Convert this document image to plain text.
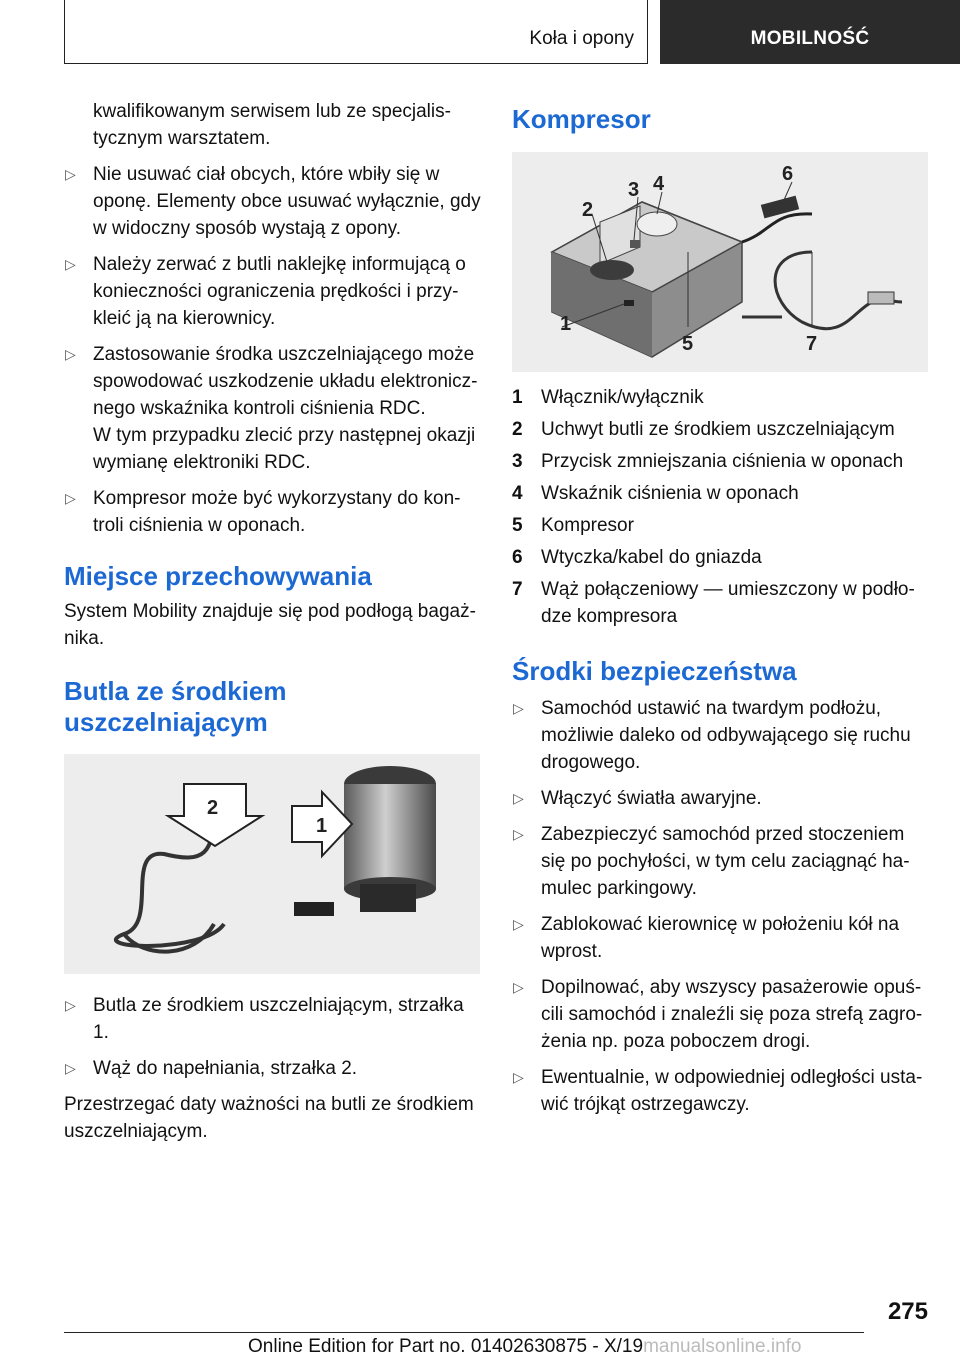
Koła i opony	MOBILNOŚĆ

kwalifikowanym serwisem lub ze specjalistycznym warsztatem.

▷ Nie usuwać ciał obcych, które wbiły się w oponę. Elementy obce usuwać wyłącznie, gdy w widoczny sposób wystają z opony.
▷ Należy zerwać z butli naklejkę informującą o konieczności ograniczenia prędkości i przykleić ją na kierownicy.
▷ Zastosowanie środka uszczelniającego może spowodować uszkodzenie układu elektronicznego wskaźnika kontroli ciśnienia RDC.
W tym przypadku zlecić przy następnej okazji wymianę elektroniki RDC.
▷ Kompresor może być wykorzystany do kontroli ciśnienia w oponach.
Miejsce przechowywania

System Mobility znajduje się pod podłogą bagażnika.

Butla ze środkiem uszczelniającym
2
1
▷ Butla ze środkiem uszczelniającym, strzałka 1.
▷ Wąż do napełniania, strzałka 2.

Przestrzegać daty ważności na butli ze środkiem uszczelniającym.

Kompresor
1
2
3 4
5
6
7
1 Włącznik/wyłącznik
2 Uchwyt butli ze środkiem uszczelniającym
3 Przycisk zmniejszania ciśnienia w oponach
4 Wskaźnik ciśnienia w oponach
5 Kompresor
6 Wtyczka/kabel do gniazda
7 Wąż połączeniowy — umieszczony w podłodze kompresora
Środki bezpieczeństwa
▷ Samochód ustawić na twardym podłożu, możliwie daleko od odbywającego się ruchu drogowego.
▷ Włączyć światła awaryjne.
▷ Zabezpieczyć samochód przed stoczeniem się po pochyłości, w tym celu zaciągnąć hamulec parkingowy.
▷ Zablokować kierownicę w położeniu kół na wprost.
▷ Dopilnować, aby wszyscy pasażerowie opuścili samochód i znaleźli się poza strefą zagrożenia np. poza poboczem drogi.
▷ Ewentualnie, w odpowiedniej odległości ustawić trójkąt ostrzegawczy.
275
Online Edition for Part no. 01402630875 - X/19manualsonline.info
